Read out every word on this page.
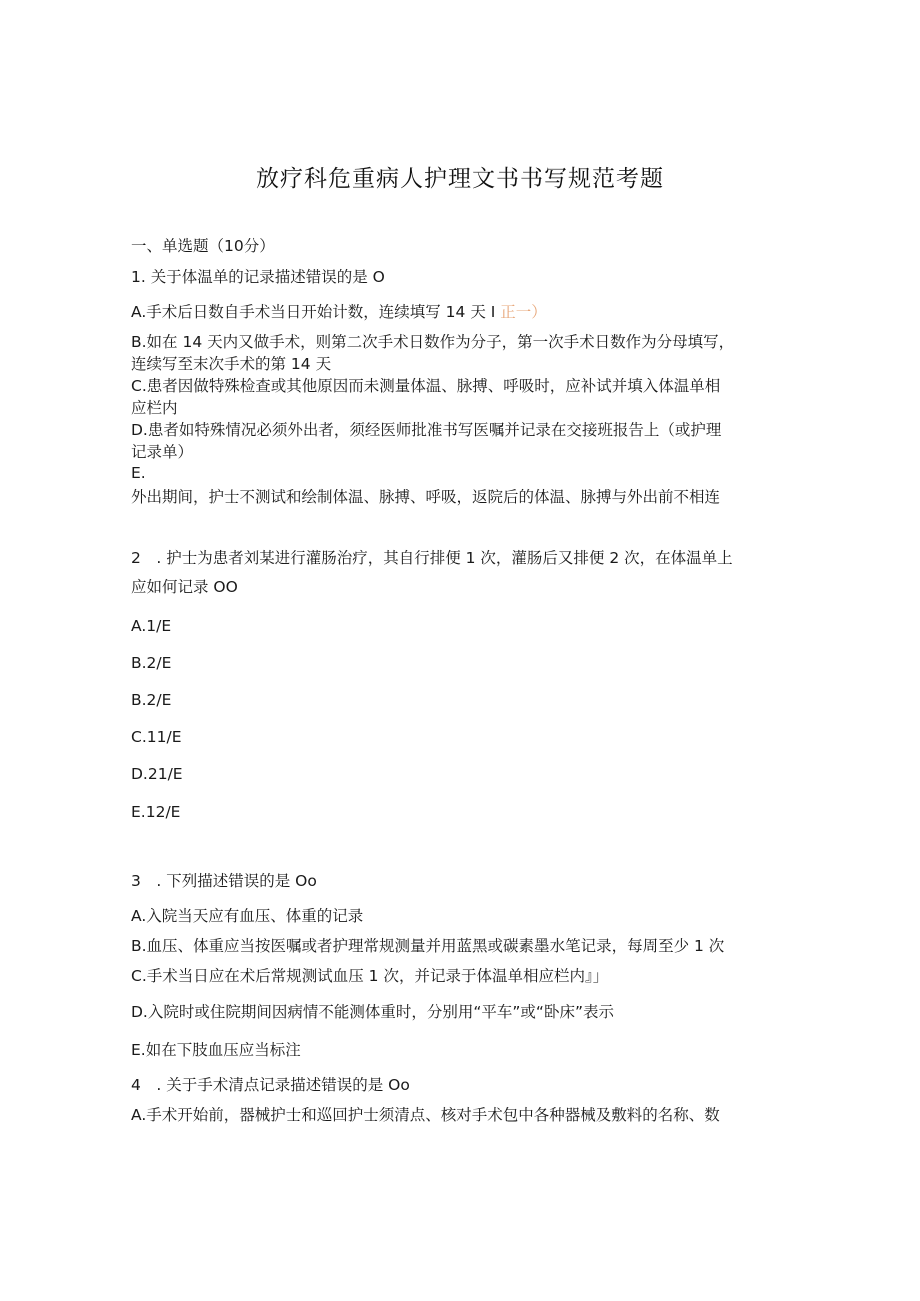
放疗科危重病人护理文书书写规范考题
一、单选题（10分）
1. 关于体温单的记录描述错误的是 O
A.手术后日数自手术当日开始计数，连续填写 14 天 I 正一）
B.如在 14 天内又做手术，则第二次手术日数作为分子，第一次手术日数作为分母填写，
连续写至末次手术的第 14 天
C.患者因做特殊检查或其他原因而未测量体温、脉搏、呼吸时，应补试并填入体温单相
应栏内
D.患者如特殊情况必须外出者，须经医师批准书写医嘱并记录在交接班报告上（或护理
记录单）
E.
外出期间，护士不测试和绘制体温、脉搏、呼吸，返院后的体温、脉搏与外出前不相连
2　. 护士为患者刘某进行灌肠治疗，其自行排便 1 次，灌肠后又排便 2 次，在体温单上
应如何记录 OO
A.1/E
B.2/E
B.2/E
C.11/E
D.21/E
E.12/E
3　. 下列描述错误的是 Oo
A.入院当天应有血压、体重的记录
B.血压、体重应当按医嘱或者护理常规测量并用蓝黑或碳素墨水笔记录，每周至少 1 次
C.手术当日应在术后常规测试血压 1 次，并记录于体温单相应栏内』」
D.入院时或住院期间因病情不能测体重时，分别用“平车”或“卧床”表示
E.如在下肢血压应当标注
4　. 关于手术清点记录描述错误的是 Oo
A.手术开始前，器械护士和巡回护士须清点、核对手术包中各种器械及敷料的名称、数
